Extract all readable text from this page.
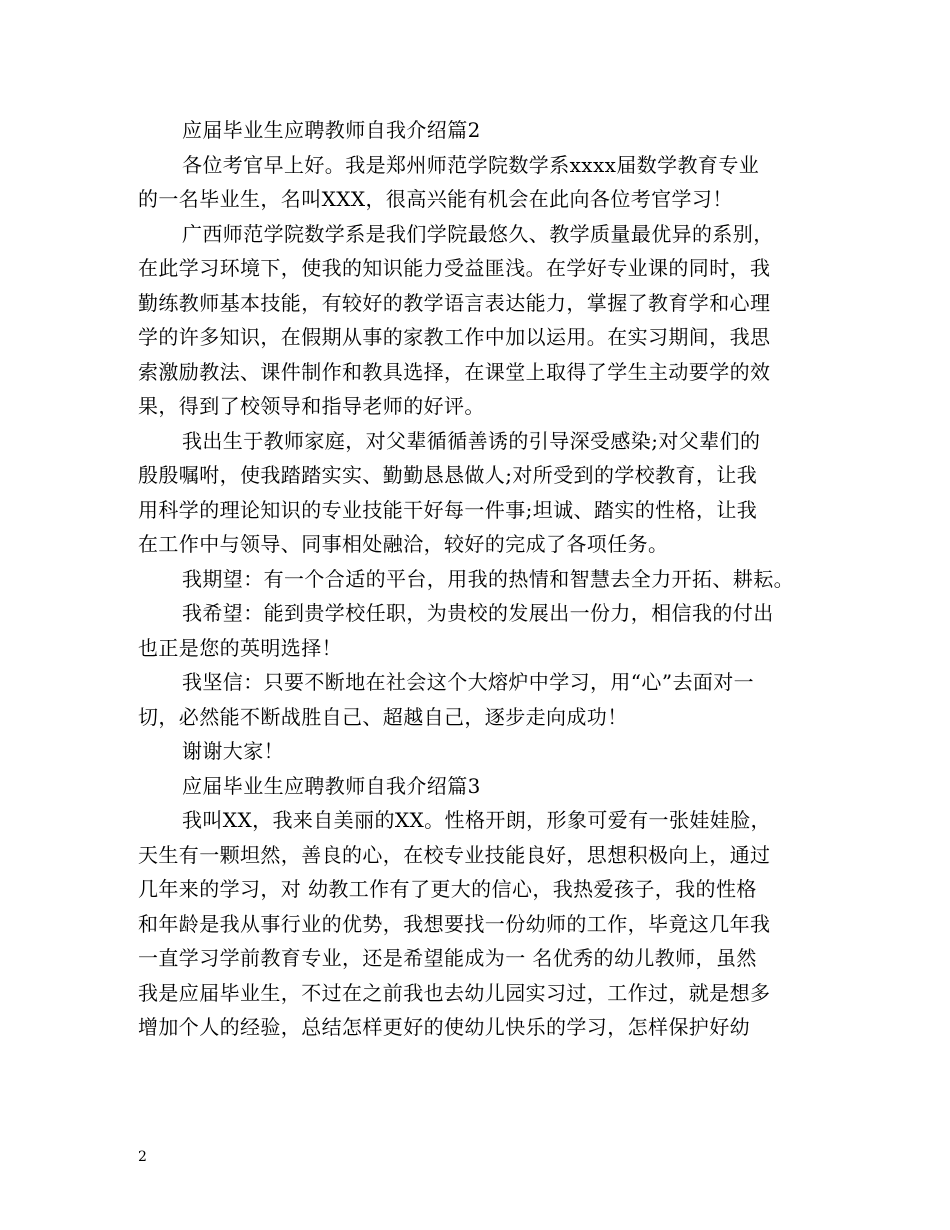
应届毕业生应聘教师自我介绍篇2
各位考官早上好。我是郑州师范学院数学系xxxx届数学教育专业
的一名毕业生，名叫XXX，很高兴能有机会在此向各位考官学习！
广西师范学院数学系是我们学院最悠久、教学质量最优异的系别，
在此学习环境下，使我的知识能力受益匪浅。在学好专业课的同时，我
勤练教师基本技能，有较好的教学语言表达能力，掌握了教育学和心理
学的许多知识，在假期从事的家教工作中加以运用。在实习期间，我思
索激励教法、课件制作和教具选择，在课堂上取得了学生主动要学的效
果，得到了校领导和指导老师的好评。
我出生于教师家庭，对父辈循循善诱的引导深受感染;对父辈们的
殷殷嘱咐，使我踏踏实实、勤勤恳恳做人;对所受到的学校教育，让我
用科学的理论知识的专业技能干好每一件事;坦诚、踏实的性格，让我
在工作中与领导、同事相处融洽，较好的完成了各项任务。
我期望：有一个合适的平台，用我的热情和智慧去全力开拓、耕耘。
我希望：能到贵学校任职，为贵校的发展出一份力，相信我的付出
也正是您的英明选择！
我坚信：只要不断地在社会这个大熔炉中学习，用“心”去面对一
切，必然能不断战胜自己、超越自己，逐步走向成功！
谢谢大家！
应届毕业生应聘教师自我介绍篇3
我叫XX，我来自美丽的XX。性格开朗，形象可爱有一张娃娃脸，
天生有一颗坦然，善良的心，在校专业技能良好，思想积极向上，通过
几年来的学习，对 幼教工作有了更大的信心，我热爱孩子，我的性格
和年龄是我从事行业的优势，我想要找一份幼师的工作，毕竟这几年我
一直学习学前教育专业，还是希望能成为一 名优秀的幼儿教师，虽然
我是应届毕业生，不过在之前我也去幼儿园实习过，工作过，就是想多
增加个人的经验，总结怎样更好的使幼儿快乐的学习，怎样保护好幼
2
